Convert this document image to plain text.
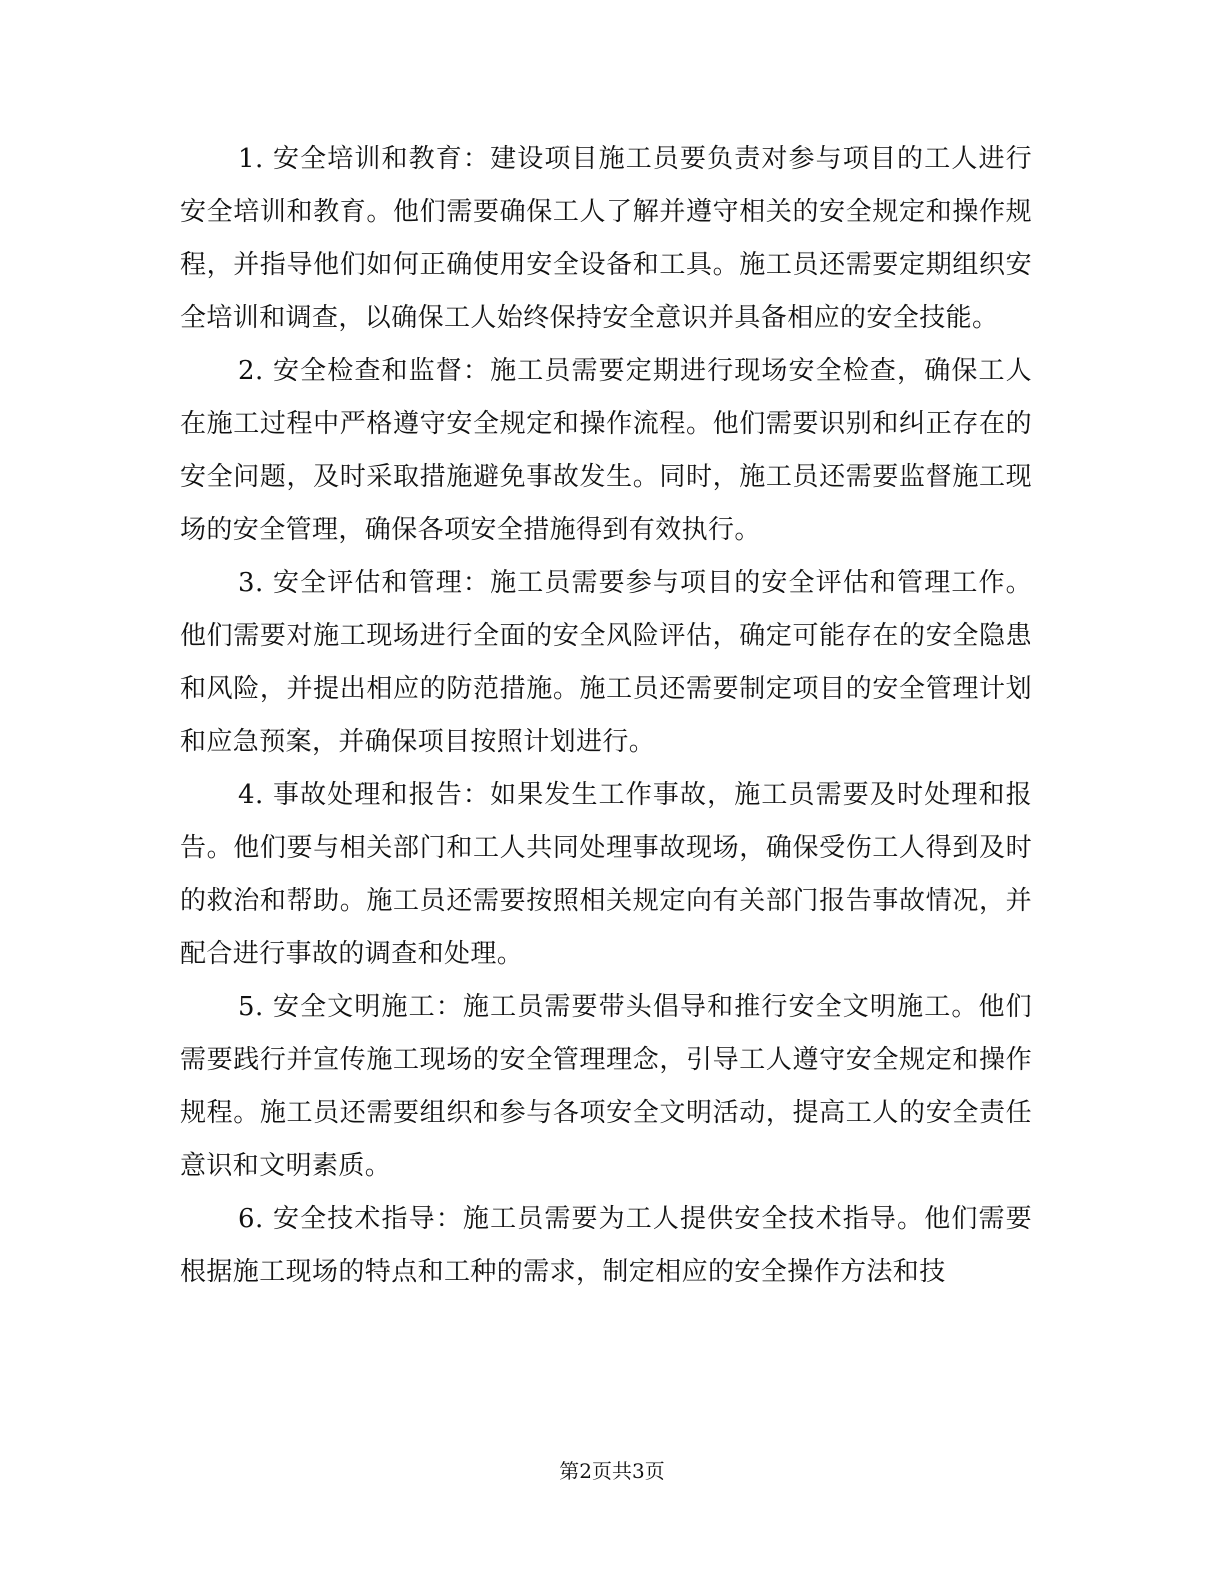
1. 安全培训和教育：建设项目施工员要负责对参与项目的工人进行安全培训和教育。他们需要确保工人了解并遵守相关的安全规定和操作规程，并指导他们如何正确使用安全设备和工具。施工员还需要定期组织安全培训和调查，以确保工人始终保持安全意识并具备相应的安全技能。

2. 安全检查和监督：施工员需要定期进行现场安全检查，确保工人在施工过程中严格遵守安全规定和操作流程。他们需要识别和纠正存在的安全问题，及时采取措施避免事故发生。同时，施工员还需要监督施工现场的安全管理，确保各项安全措施得到有效执行。

3. 安全评估和管理：施工员需要参与项目的安全评估和管理工作。他们需要对施工现场进行全面的安全风险评估，确定可能存在的安全隐患和风险，并提出相应的防范措施。施工员还需要制定项目的安全管理计划和应急预案，并确保项目按照计划进行。

4. 事故处理和报告：如果发生工作事故，施工员需要及时处理和报告。他们要与相关部门和工人共同处理事故现场，确保受伤工人得到及时的救治和帮助。施工员还需要按照相关规定向有关部门报告事故情况，并配合进行事故的调查和处理。

5. 安全文明施工：施工员需要带头倡导和推行安全文明施工。他们需要践行并宣传施工现场的安全管理理念，引导工人遵守安全规定和操作规程。施工员还需要组织和参与各项安全文明活动，提高工人的安全责任意识和文明素质。

6. 安全技术指导：施工员需要为工人提供安全技术指导。他们需要根据施工现场的特点和工种的需求，制定相应的安全操作方法和技

第2页共3页
